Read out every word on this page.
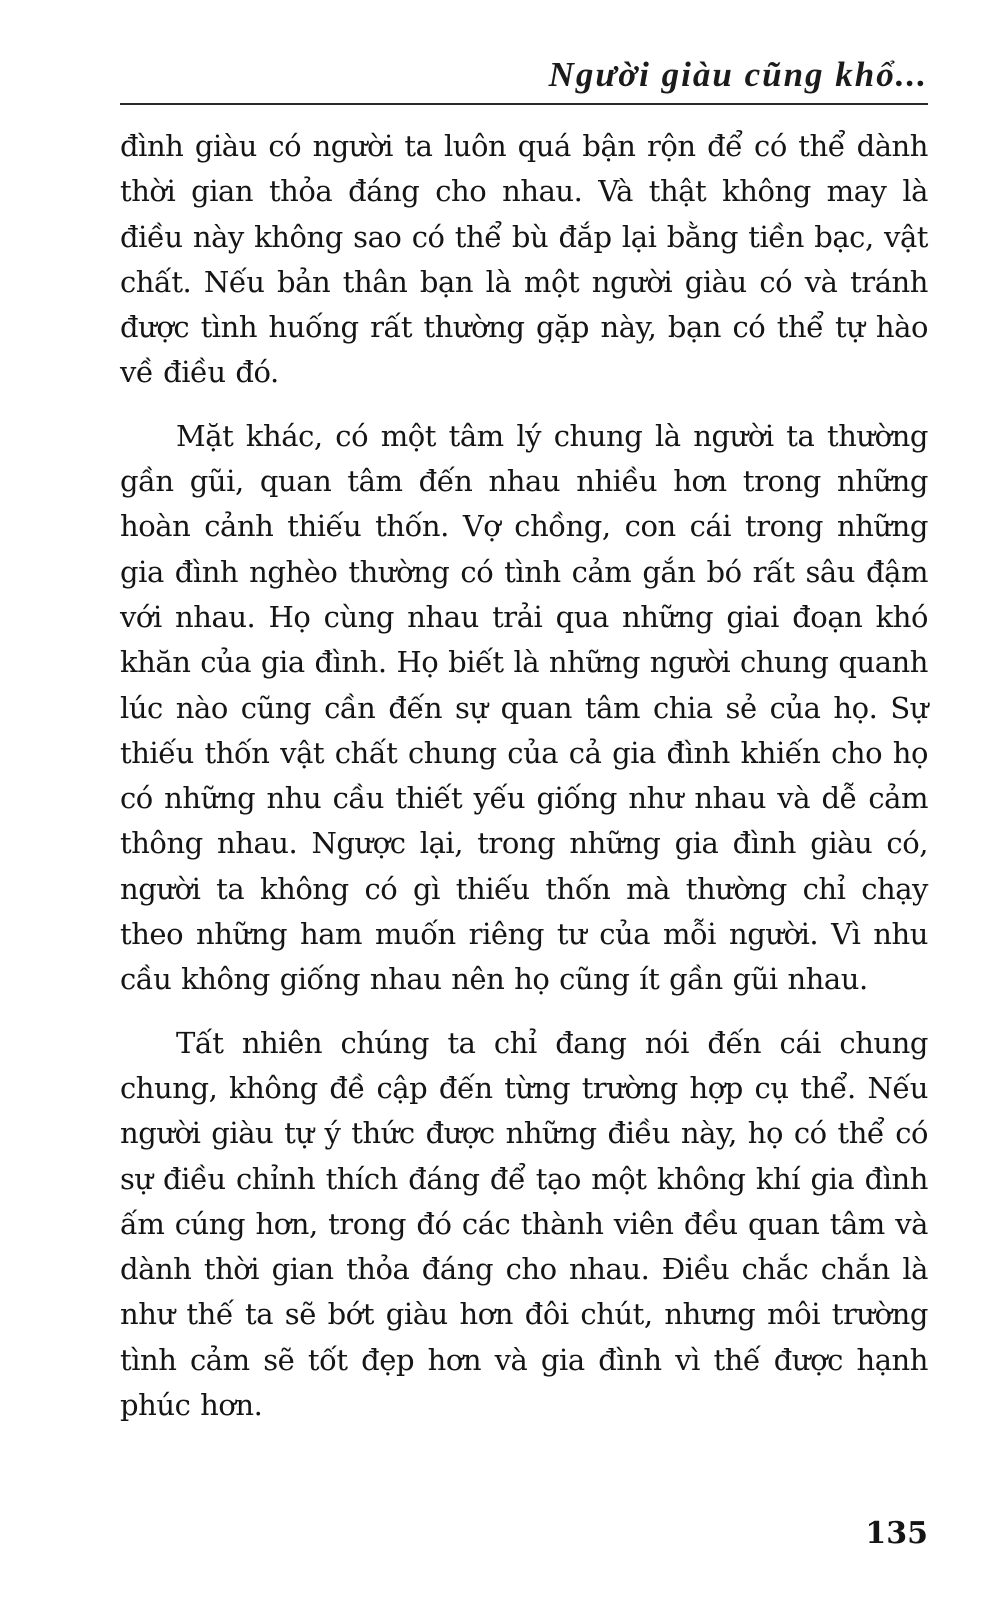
Người giàu cũng khổ...

đình giàu có người ta luôn quá bận rộn để có thể dành thời gian thỏa đáng cho nhau. Và thật không may là điều này không sao có thể bù đắp lại bằng tiền bạc, vật chất. Nếu bản thân bạn là một người giàu có và tránh được tình huống rất thường gặp này, bạn có thể tự hào về điều đó.

Mặt khác, có một tâm lý chung là người ta thường gần gũi, quan tâm đến nhau nhiều hơn trong những hoàn cảnh thiếu thốn. Vợ chồng, con cái trong những gia đình nghèo thường có tình cảm gắn bó rất sâu đậm với nhau. Họ cùng nhau trải qua những giai đoạn khó khăn của gia đình. Họ biết là những người chung quanh lúc nào cũng cần đến sự quan tâm chia sẻ của họ. Sự thiếu thốn vật chất chung của cả gia đình khiến cho họ có những nhu cầu thiết yếu giống như nhau và dễ cảm thông nhau. Ngược lại, trong những gia đình giàu có, người ta không có gì thiếu thốn mà thường chỉ chạy theo những ham muốn riêng tư của mỗi người. Vì nhu cầu không giống nhau nên họ cũng ít gần gũi nhau.

Tất nhiên chúng ta chỉ đang nói đến cái chung chung, không đề cập đến từng trường hợp cụ thể. Nếu người giàu tự ý thức được những điều này, họ có thể có sự điều chỉnh thích đáng để tạo một không khí gia đình ấm cúng hơn, trong đó các thành viên đều quan tâm và dành thời gian thỏa đáng cho nhau. Điều chắc chắn là như thế ta sẽ bớt giàu hơn đôi chút, nhưng môi trường tình cảm sẽ tốt đẹp hơn và gia đình vì thế được hạnh phúc hơn.

135
